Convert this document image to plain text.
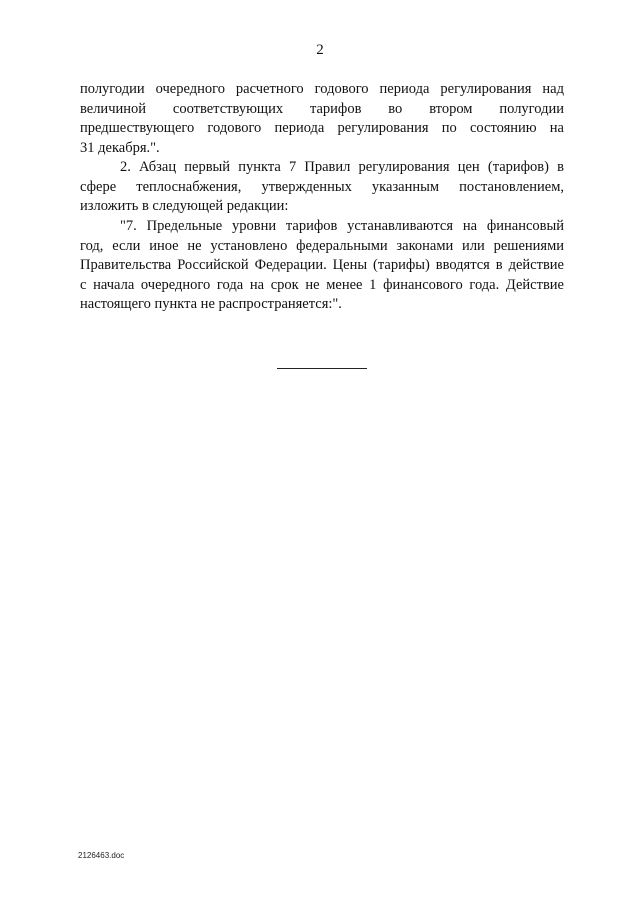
2
полугодии очередного расчетного годового периода регулирования над
величиной соответствующих тарифов во втором полугодии
предшествующего годового периода регулирования по состоянию на
31 декабря.".
2. Абзац первый пункта 7 Правил регулирования цен (тарифов) в
сфере теплоснабжения, утвержденных указанным постановлением,
изложить в следующей редакции:
"7. Предельные уровни тарифов устанавливаются на финансовый
год, если иное не установлено федеральными законами или решениями
Правительства Российской Федерации. Цены (тарифы) вводятся в действие
с начала очередного года на срок не менее 1 финансового года. Действие
настоящего пункта не распространяется:".
2126463.doc
